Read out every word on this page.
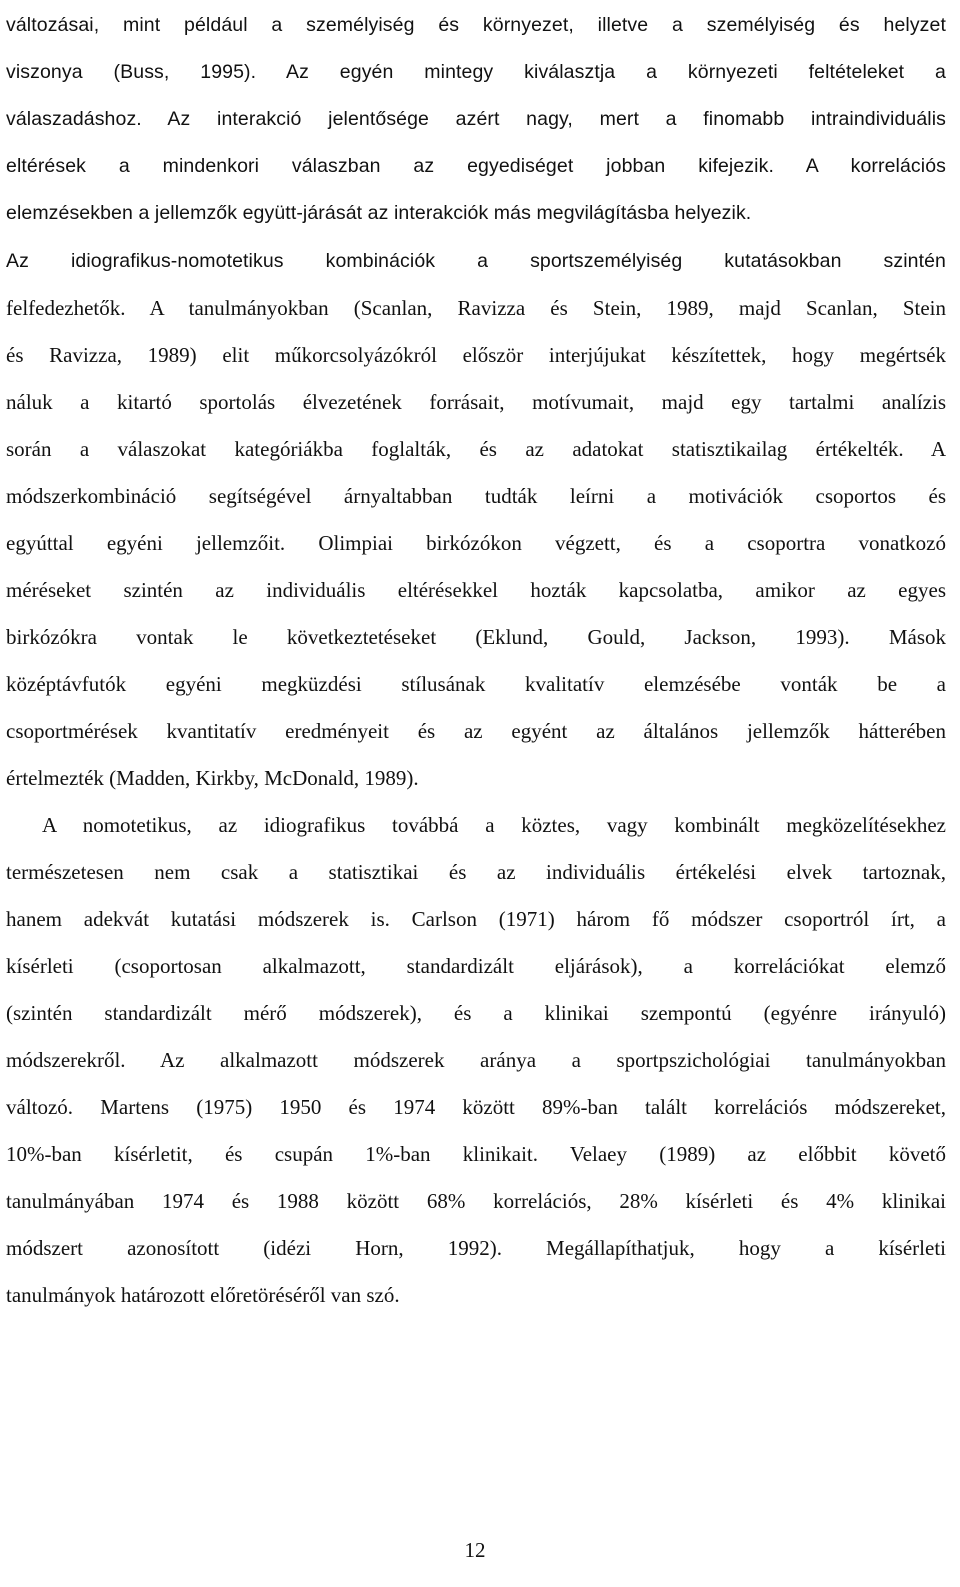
változásai, mint például a személyiség és környezet, illetve a személyiség és helyzet
viszonya (Buss, 1995). Az egyén mintegy kiválasztja a környezeti feltételeket a
válaszadáshoz. Az interakció jelentősége azért nagy, mert a finomabb intraindividuális
eltérések a mindenkori válaszban az egyediséget jobban kifejezik. A korrelációs
elemzésekben a jellemzők együtt-járását az interakciók más megvilágításba helyezik.
Az idiografikus-nomotetikus kombinációk a sportszemélyiség kutatásokban szintén
felfedezhetők. A tanulmányokban (Scanlan, Ravizza és Stein, 1989, majd Scanlan, Stein
és Ravizza, 1989) elit műkorcsolyázókról először interjújukat készítettek, hogy megértsék
náluk a kitartó sportolás élvezetének forrásait, motívumait, majd egy tartalmi analízis
során a válaszokat kategóriákba foglalták, és az adatokat statisztikailag értékelték. A
módszerkombináció segítségével árnyaltabban tudták leírni a motivációk csoportos és
egyúttal egyéni jellemzőit. Olimpiai birkózókon végzett, és a csoportra vonatkozó
méréseket szintén az individuális eltérésekkel hozták kapcsolatba, amikor az egyes
birkózókra vontak le következtetéseket (Eklund, Gould, Jackson, 1993). Mások
középtávfutók egyéni megküzdési stílusának kvalitatív elemzésébe vonták be a
csoportmérések kvantitatív eredményeit és az egyént az általános jellemzők hátterében
értelmezték (Madden, Kirkby, McDonald, 1989).
A nomotetikus, az idiografikus továbbá a köztes, vagy kombinált megközelítésekhez
természetesen nem csak a statisztikai és az individuális értékelési elvek tartoznak,
hanem adekvát kutatási módszerek is. Carlson (1971) három fő módszer csoportról írt, a
kísérleti (csoportosan alkalmazott, standardizált eljárások), a korrelációkat elemző
(szintén standardizált mérő módszerek), és a klinikai szempontú (egyénre irányuló)
módszerekről. Az alkalmazott módszerek aránya a sportpszichológiai tanulmányokban
változó. Martens (1975) 1950 és 1974 között 89%-ban talált korrelációs módszereket,
10%-ban kísérletit, és csupán 1%-ban klinikait. Velaey (1989) az előbbit követő
tanulmányában 1974 és 1988 között 68% korrelációs, 28% kísérleti és 4% klinikai
módszert azonosított (idézi Horn, 1992). Megállapíthatjuk, hogy a kísérleti
tanulmányok határozott előretöréséről van szó.
12
